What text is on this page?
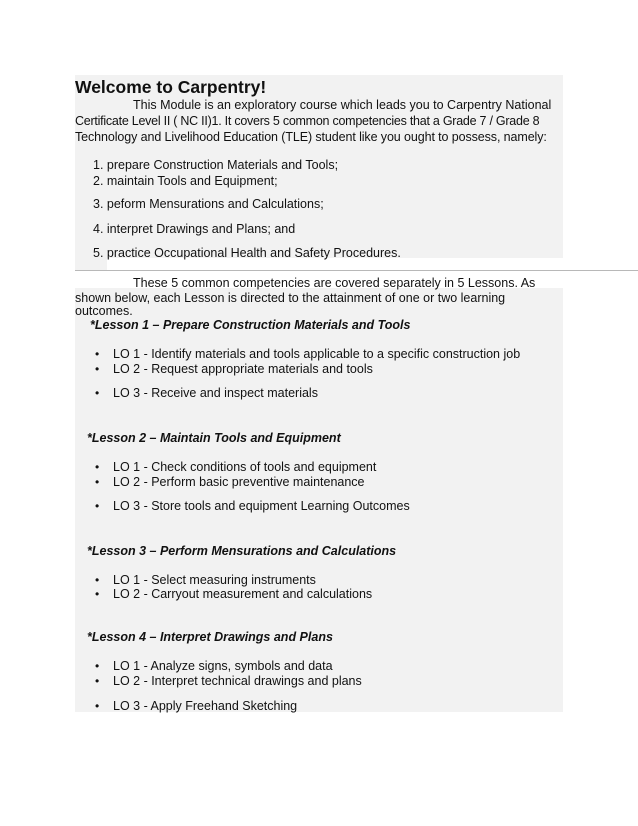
Welcome to Carpentry!
This Module is an exploratory course which leads you to Carpentry National
Certificate Level II ( NC II)1. It covers 5 common competencies that a Grade 7 / Grade 8
Technology and Livelihood Education (TLE) student like you ought to possess, namely:
1. prepare Construction Materials and Tools;
2. maintain Tools and Equipment;
3. peform Mensurations and Calculations;
4. interpret Drawings and Plans; and
5. practice Occupational Health and Safety Procedures.
These 5 common competencies are covered separately in 5 Lessons. As
shown below, each Lesson is directed to the attainment of one or two learning
outcomes.
*Lesson 1 – Prepare Construction Materials and Tools
• LO 1 - Identify materials and tools applicable to a specific construction job
• LO 2 - Request appropriate materials and tools
• LO 3 - Receive and inspect materials
*Lesson 2 – Maintain Tools and Equipment
• LO 1 - Check conditions of tools and equipment
• LO 2 - Perform basic preventive maintenance
• LO 3 - Store tools and equipment Learning Outcomes
*Lesson 3 – Perform Mensurations and Calculations
• LO 1 - Select measuring instruments
• LO 2 - Carryout measurement and calculations
*Lesson 4 – Interpret Drawings and Plans
• LO 1 - Analyze signs, symbols and data
• LO 2 - Interpret technical drawings and plans
• LO 3 - Apply Freehand Sketching
